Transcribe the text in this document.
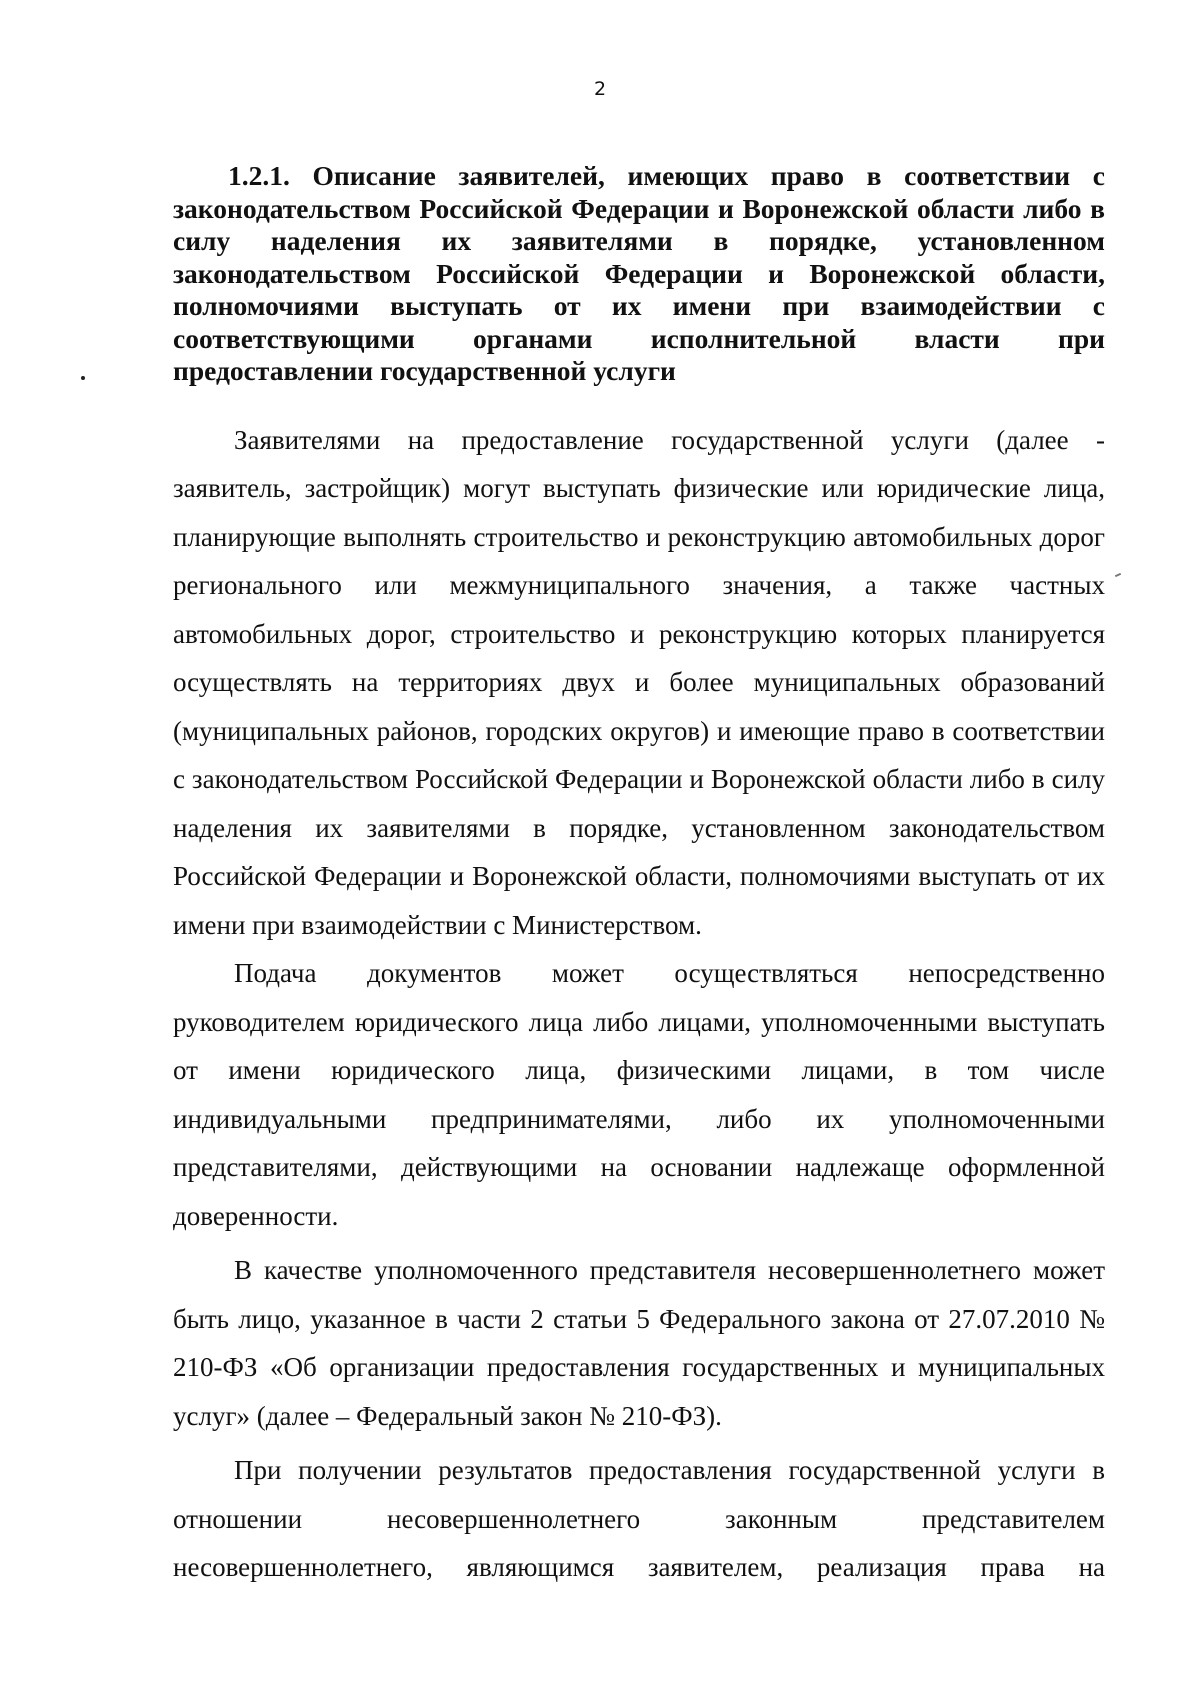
2

1.2.1. Описание заявителей, имеющих право в соответствии с законодательством Российской Федерации и Воронежской области либо в силу наделения их заявителями в порядке, установленном законодательством Российской Федерации и Воронежской области, полномочиями выступать от их имени при взаимодействии с соответствующими органами исполнительной власти при предоставлении государственной услуги

Заявителями на предоставление государственной услуги (далее - заявитель, застройщик) могут выступать физические или юридические лица, планирующие выполнять строительство и реконструкцию автомобильных дорог регионального или межмуниципального значения, а также частных автомобильных дорог, строительство и реконструкцию которых планируется осуществлять на территориях двух и более муниципальных образований (муниципальных районов, городских округов) и имеющие право в соответствии с законодательством Российской Федерации и Воронежской области либо в силу наделения их заявителями в порядке, установленном законодательством Российской Федерации и Воронежской области, полномочиями выступать от их имени при взаимодействии с Министерством.

Подача документов может осуществляться непосредственно руководителем юридического лица либо лицами, уполномоченными выступать от имени юридического лица, физическими лицами, в том числе индивидуальными предпринимателями, либо их уполномоченными представителями, действующими на основании надлежаще оформленной доверенности.

В качестве уполномоченного представителя несовершеннолетнего может быть лицо, указанное в части 2 статьи 5 Федерального закона от 27.07.2010 № 210-ФЗ «Об организации предоставления государственных и муниципальных услуг» (далее – Федеральный закон № 210-ФЗ).

При получении результатов предоставления государственной услуги в отношении несовершеннолетнего законным представителем несовершеннолетнего, являющимся заявителем, реализация права на
